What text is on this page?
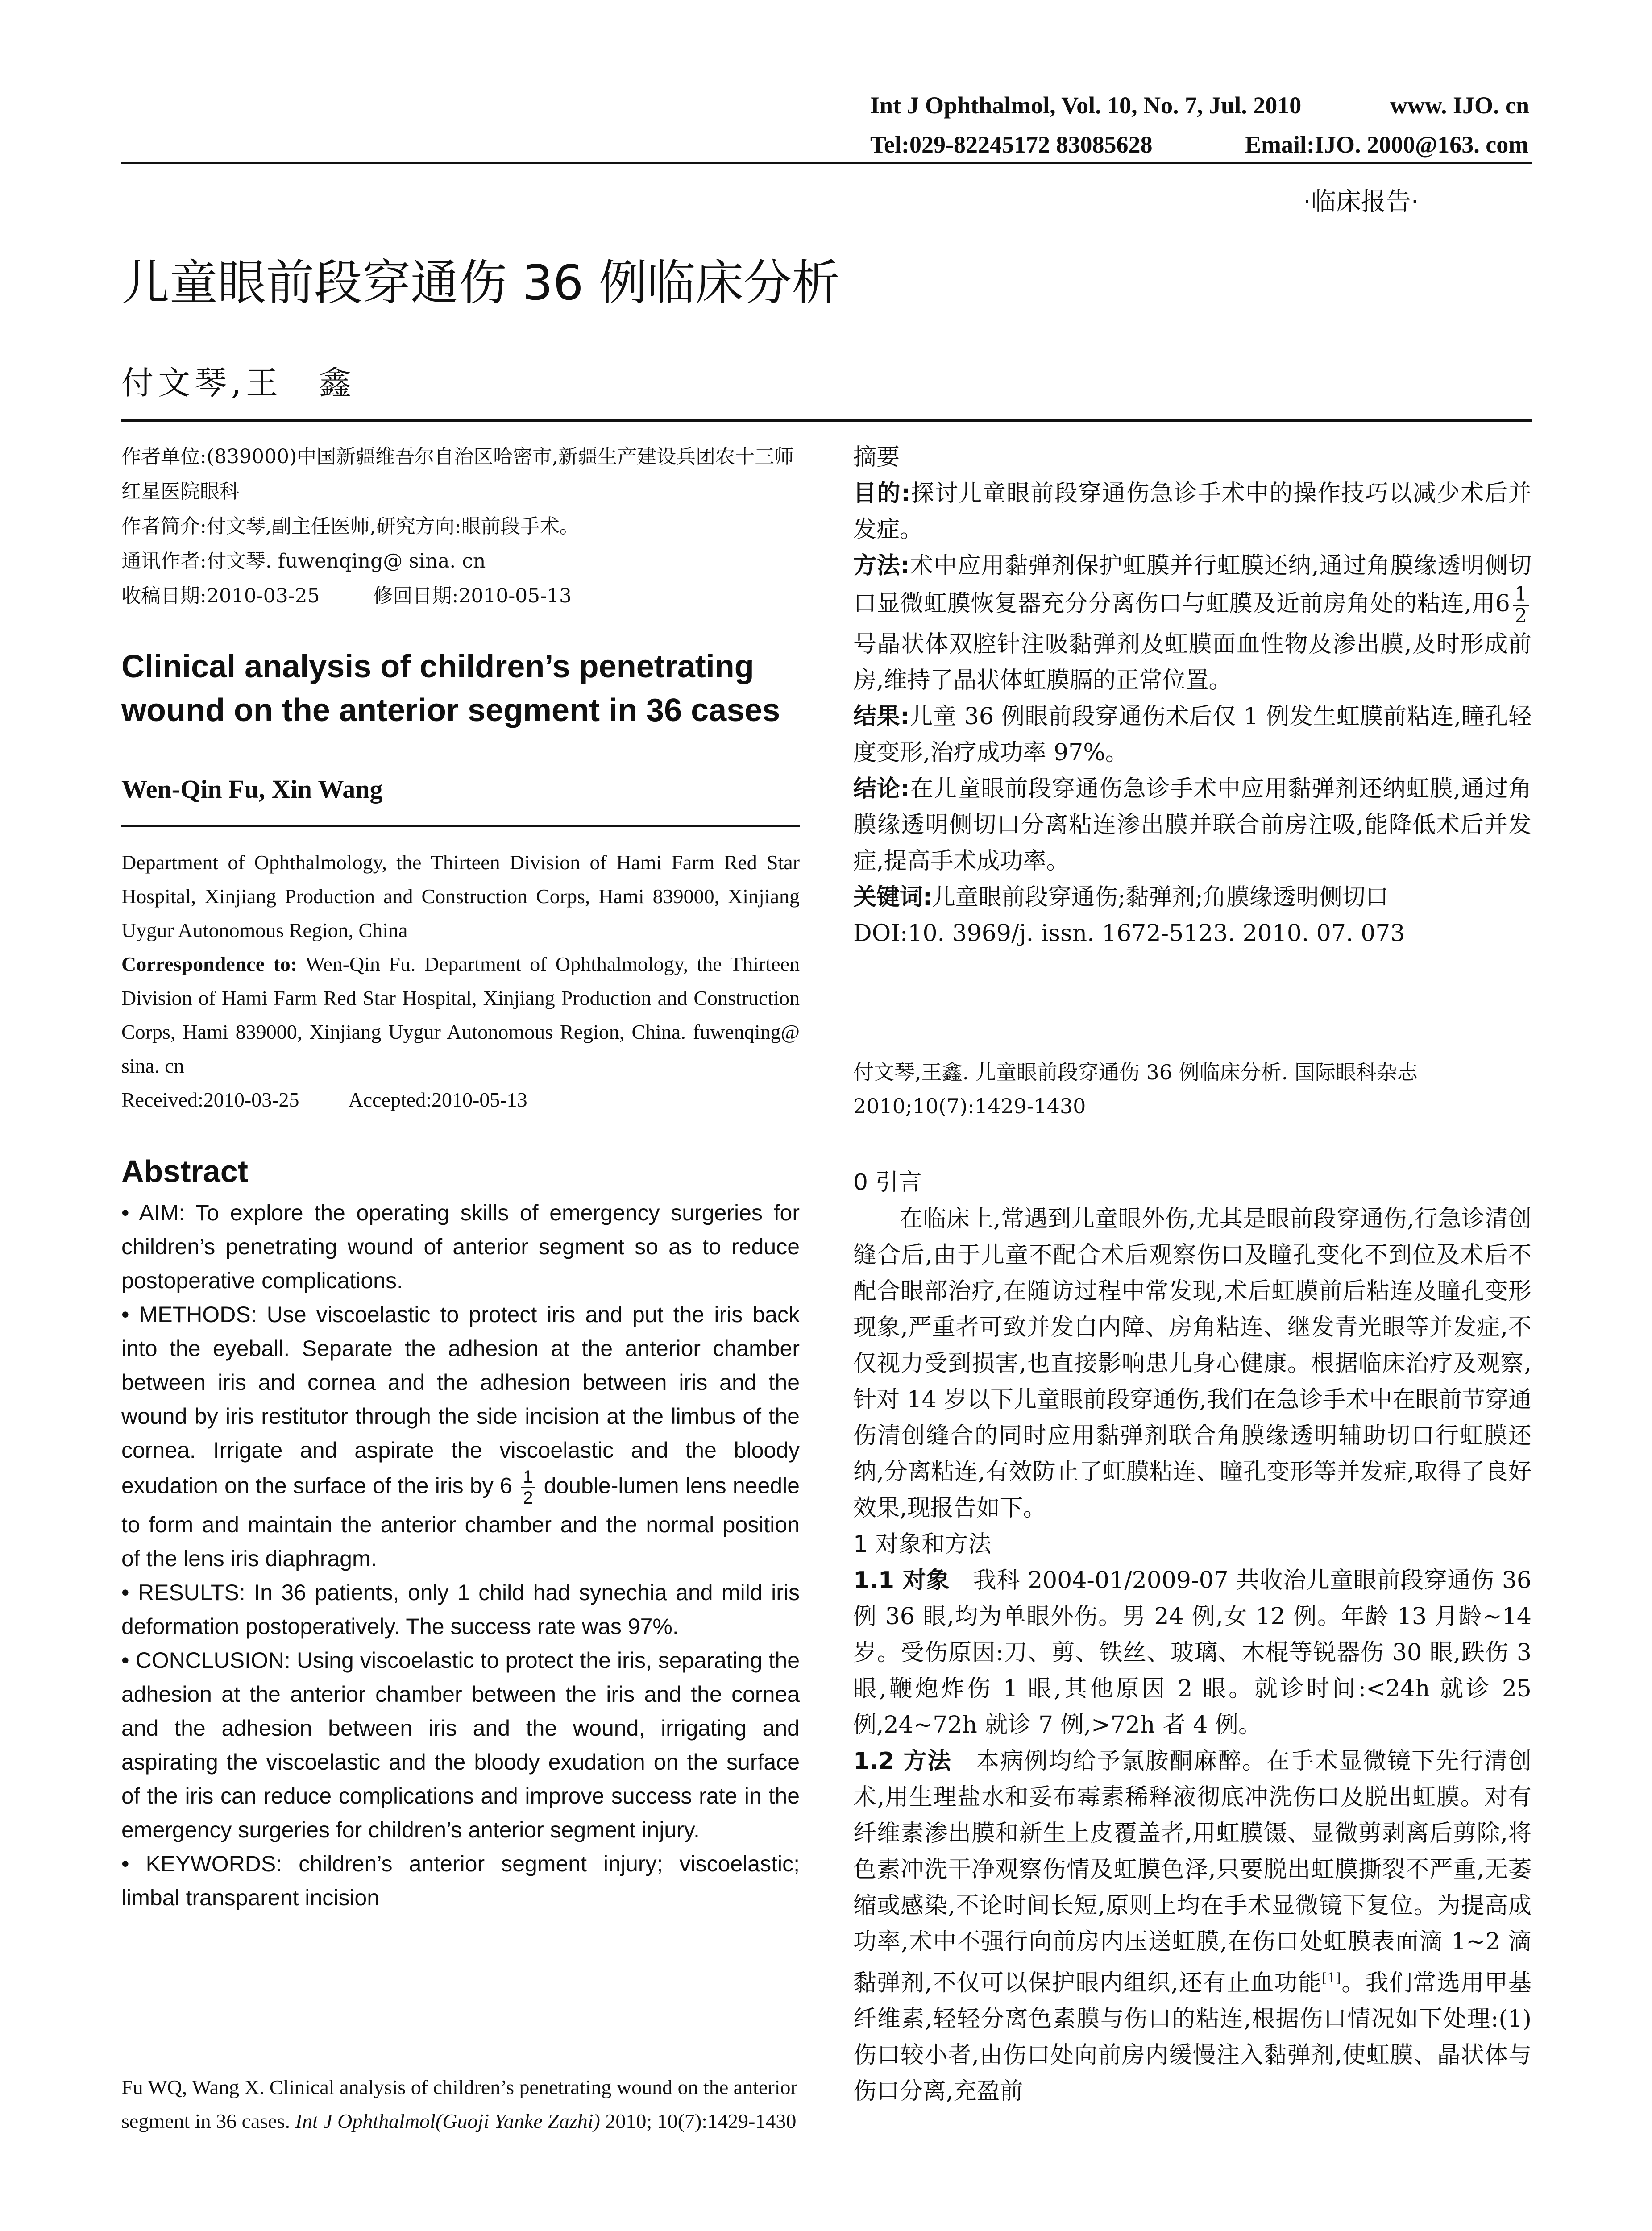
Int J Ophthalmol, Vol. 10, No. 7, Jul. 2010	www. IJO. cn
Tel:029-82245172 83085628	Email:IJO. 2000@163. com
·临床报告·
儿童眼前段穿通伤 36 例临床分析
付文琴,王　鑫

作者单位:(839000)中国新疆维吾尔自治区哈密市,新疆生产建设兵团农十三师红星医院眼科

作者简介:付文琴,副主任医师,研究方向:眼前段手术。

通讯作者:付文琴. fuwenqing@ sina. cn

收稿日期:2010-03-25	修回日期:2010-05-13

Clinical analysis of children’s penetrating wound on the anterior segment in 36 cases
Wen-Qin Fu, Xin Wang

Department of Ophthalmology, the Thirteen Division of Hami Farm Red Star Hospital, Xinjiang Production and Construction Corps, Hami 839000, Xinjiang Uygur Autonomous Region, China

Correspondence to: Wen-Qin Fu. Department of Ophthalmology, the Thirteen Division of Hami Farm Red Star Hospital, Xinjiang Production and Construction Corps, Hami 839000, Xinjiang Uygur Autonomous Region, China. fuwenqing@ sina. cn

Received:2010-03-25 Accepted:2010-05-13

Abstract

• AIM: To explore the operating skills of emergency surgeries for children’s penetrating wound of anterior segment so as to reduce postoperative complications.

• METHODS: Use viscoelastic to protect iris and put the iris back into the eyeball. Separate the adhesion at the anterior chamber between iris and cornea and the adhesion between iris and the wound by iris restitutor through the side incision at the limbus of the cornea. Irrigate and aspirate the viscoelastic and the bloody exudation on the surface of the iris by $6 \frac{1}{2}$ double-lumen lens needle to form and maintain the anterior chamber and the normal position of the lens iris diaphragm.

• RESULTS: In 36 patients, only 1 child had synechia and mild iris deformation postoperatively. The success rate was 97%.

• CONCLUSION: Using viscoelastic to protect the iris, separating the adhesion at the anterior chamber between the iris and the cornea and the adhesion between iris and the wound, irrigating and aspirating the viscoelastic and the bloody exudation on the surface of the iris can reduce complications and improve success rate in the emergency surgeries for children’s anterior segment injury.

• KEYWORDS: children’s anterior segment injury; viscoelastic; limbal transparent incision

Fu WQ, Wang X. Clinical analysis of children’s penetrating wound on the anterior segment in 36 cases. Int J Ophthalmol(Guoji Yanke Zazhi) 2010; 10(7):1429-1430

摘要

目的:探讨儿童眼前段穿通伤急诊手术中的操作技巧以减少术后并发症。

方法:术中应用黏弹剂保护虹膜并行虹膜还纳,通过角膜缘透明侧切口显微虹膜恢复器充分分离伤口与虹膜及近前房角处的粘连,用$6 \frac{1}{2}$
号晶状体双腔针注吸黏弹剂及虹膜面血性物及渗出膜,及时形成前房,维持了晶状体虹膜膈的正常位置。

结果:儿童 36 例眼前段穿通伤术后仅 1 例发生虹膜前粘连,瞳孔轻度变形,治疗成功率 97%。

结论:在儿童眼前段穿通伤急诊手术中应用黏弹剂还纳虹膜,通过角膜缘透明侧切口分离粘连渗出膜并联合前房注吸,能降低术后并发症,提高手术成功率。

关键词:儿童眼前段穿通伤;黏弹剂;角膜缘透明侧切口

DOI:10. 3969/j. issn. 1672-5123. 2010. 07. 073

付文琴,王鑫. 儿童眼前段穿通伤 36 例临床分析. 国际眼科杂志 2010;10(7):1429-1430

0 引言

在临床上,常遇到儿童眼外伤,尤其是眼前段穿通伤,行急诊清创缝合后,由于儿童不配合术后观察伤口及瞳孔变化不到位及术后不配合眼部治疗,在随访过程中常发现,术后虹膜前后粘连及瞳孔变形现象,严重者可致并发白内障、房角粘连、继发青光眼等并发症,不仅视力受到损害,也直接影响患儿身心健康。根据临床治疗及观察,针对 14 岁以下儿童眼前段穿通伤,我们在急诊手术中在眼前节穿通伤清创缝合的同时应用黏弹剂联合角膜缘透明辅助切口行虹膜还纳,分离粘连,有效防止了虹膜粘连、瞳孔变形等并发症,取得了良好效果,现报告如下。

1 对象和方法

1.1 对象 我科 2004-01/2009-07 共收治儿童眼前段穿通伤 36 例 36 眼,均为单眼外伤。男 24 例,女 12 例。年龄 13 月龄~14 岁。受伤原因:刀、剪、铁丝、玻璃、木棍等锐器伤 30 眼,跌伤 3 眼,鞭炮炸伤 1 眼,其他原因 2 眼。就诊时间:<24h 就诊 25 例,24~72h 就诊 7 例,>72h 者 4 例。

1.2 方法 本病例均给予氯胺酮麻醉。在手术显微镜下先行清创术,用生理盐水和妥布霉素稀释液彻底冲洗伤口及脱出虹膜。对有纤维素渗出膜和新生上皮覆盖者,用虹膜镊、显微剪剥离后剪除,将色素冲洗干净观察伤情及虹膜色泽,只要脱出虹膜撕裂不严重,无萎缩或感染,不论时间长短,原则上均在手术显微镜下复位。为提高成功率,术中不强行向前房内压送虹膜,在伤口处虹膜表面滴 1~2 滴黏弹剂,不仅可以保护眼内组织,还有止血功能[1]。我们常选用甲基纤维素,轻轻分离色素膜与伤口的粘连,根据伤口情况如下处理:(1)伤口较小者,由伤口处向前房内缓慢注入黏弹剂,使虹膜、晶状体与伤口分离,充盈前
